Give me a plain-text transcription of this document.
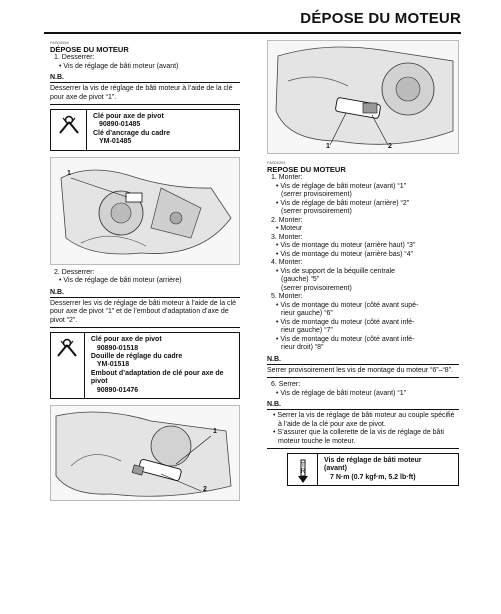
DÉPOSE DU MOTEUR
FAS00058
DÉPOSE DU MOTEUR
1. Desserrer:
• Vis de réglage de bâti moteur (avant)
N.B.
Desserrer la vis de réglage de bâti moteur à l’aide de la clé pour axe de pivot “1”.
Clé pour axe de pivot
90890-01485
Clé d’ancrage du cadre
YM-01485
1
2. Desserrer:
• Vis de réglage de bâti moteur (arrière)
N.B.
Desserrer les vis de réglage de bâti moteur à l’aide de la clé pour axe de pivot “1” et de l’embout d’adaptation d’axe de pivot “2”.
Clé pour axe de pivot
90890-01518
Douille de réglage du cadre
YM-01518
Embout d’adaptation de clé pour axe de pivot
90890-01476
1
2
1	2
FAS00261
REPOSE DU MOTEUR
1. Monter:
• Vis de réglage de bâti moteur (avant) “1”
(serrer provisoirement)
• Vis de réglage de bâti moteur (arrière) “2”
(serrer provisoirement)
2. Monter:
• Moteur
3. Monter:
• Vis de montage du moteur (arrière haut) “3”
• Vis de montage du moteur (arrière bas) “4”
4. Monter:
• Vis de support de la béquille centrale
(gauche) “5”
(serrer provisoirement)
5. Monter:
• Vis de montage du moteur (côté avant supé-
rieur gauche) “6”
• Vis de montage du moteur (côté avant infé-
rieur gauche) “7”
• Vis de montage du moteur (côté avant infé-
rieur droit) “8”
N.B.
Serrer provisoirement les vis de montage du moteur “6”–“8”.
6. Serrer:
• Vis de réglage de bâti moteur (avant) “1”
N.B.
• Serrer la vis de réglage de bâti moteur au couple spécifié à l’aide de la clé pour axe de pivot.
• S’assurer que la collerette de la vis de réglage de bâti moteur touche le moteur.
T
R
Vis de réglage de bâti moteur
(avant)
7 N·m (0.7 kgf·m, 5.2 lb·ft)
